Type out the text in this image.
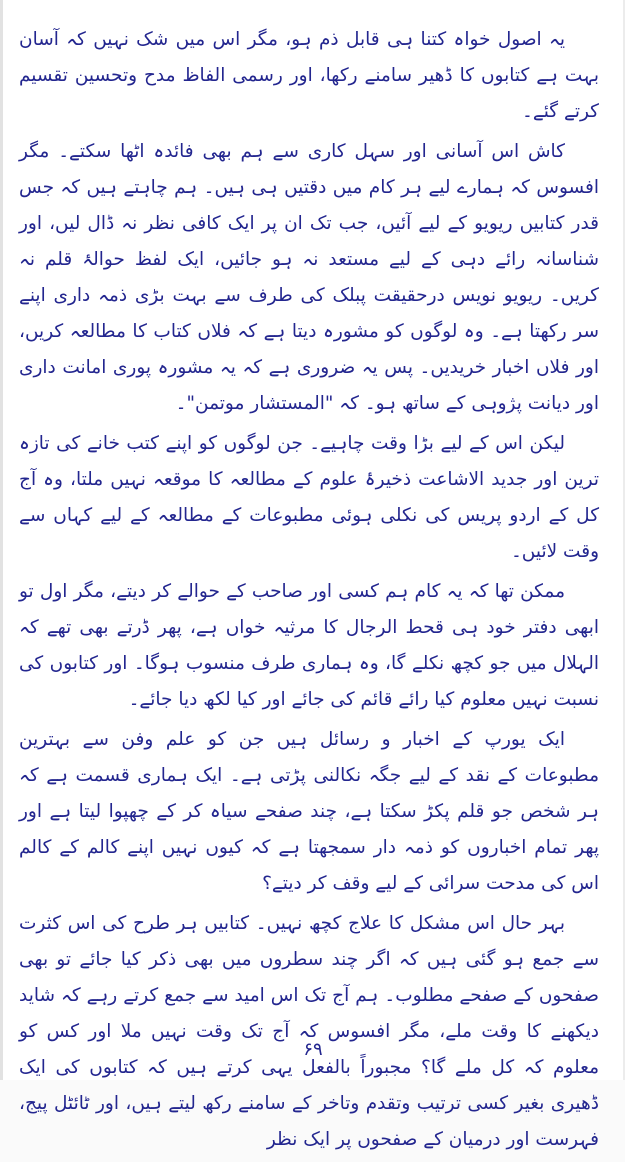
یہ اصول خواہ کتنا ہی قابل ذم ہو، مگر اس میں شک نہیں کہ آسان بہت ہے کتابوں کا ڈھیر سامنے رکھا، اور رسمی الفاظ مدح وتحسین تقسیم کرتے گئے۔

کاش اس آسانی اور سہل کاری سے ہم بھی فائدہ اٹھا سکتے۔ مگر افسوس کہ ہمارے لیے ہر کام میں دقتیں ہی ہیں۔ ہم چاہتے ہیں کہ جس قدر کتابیں ریویو کے لیے آئیں، جب تک ان پر ایک کافی نظر نہ ڈال لیں، اور شناسانہ رائے دہی کے لیے مستعد نہ ہو جائیں، ایک لفظ حوالۂ قلم نہ کریں۔ ریویو نویس درحقیقت پبلک کی طرف سے بہت بڑی ذمہ داری اپنے سر رکھتا ہے۔ وہ لوگوں کو مشورہ دیتا ہے کہ فلاں کتاب کا مطالعہ کریں، اور فلاں اخبار خریدیں۔ پس یہ ضروری ہے کہ یہ مشورہ پوری امانت داری اور دیانت پژوہی کے ساتھ ہو۔ کہ "المستشار موتمن"۔

لیکن اس کے لیے بڑا وقت چاہیے۔ جن لوگوں کو اپنے کتب خانے کی تازہ ترین اور جدید الاشاعت ذخیرۂ علوم کے مطالعہ کا موقعہ نہیں ملتا، وہ آج کل کے اردو پریس کی نکلی ہوئی مطبوعات کے مطالعہ کے لیے کہاں سے وقت لائیں۔

ممکن تھا کہ یہ کام ہم کسی اور صاحب کے حوالے کر دیتے، مگر اول تو ابھی دفتر خود ہی قحط الرجال کا مرثیہ خواں ہے، پھر ڈرتے بھی تھے کہ الہلال میں جو کچھ نکلے گا، وہ ہماری طرف منسوب ہوگا۔ اور کتابوں کی نسبت نہیں معلوم کیا رائے قائم کی جائے اور کیا لکھ دیا جائے۔

ایک یورپ کے اخبار و رسائل ہیں جن کو علم وفن سے بہترین مطبوعات کے نقد کے لیے جگہ نکالنی پڑتی ہے۔ ایک ہماری قسمت ہے کہ ہر شخص جو قلم پکڑ سکتا ہے، چند صفحے سیاہ کر کے چھپوا لیتا ہے اور پھر تمام اخباروں کو ذمہ دار سمجھتا ہے کہ کیوں نہیں اپنے کالم کے کالم اس کی مدحت سرائی کے لیے وقف کر دیتے؟

بہر حال اس مشکل کا علاج کچھ نہیں۔ کتابیں ہر طرح کی اس کثرت سے جمع ہو گئی ہیں کہ اگر چند سطروں میں بھی ذکر کیا جائے تو بھی صفحوں کے صفحے مطلوب۔ ہم آج تک اس امید سے جمع کرتے رہے کہ شاید دیکھنے کا وقت ملے، مگر افسوس کہ آج تک وقت نہیں ملا اور کس کو معلوم کہ کل ملے گا؟ مجبوراً بالفعل یہی کرتے ہیں کہ کتابوں کی ایک ڈھیری بغیر کسی ترتیب وتقدم وتاخر کے سامنے رکھ لیتے ہیں، اور ٹائٹل پیج، فہرست اور درمیان کے صفحوں پر ایک نظر

۶۹
